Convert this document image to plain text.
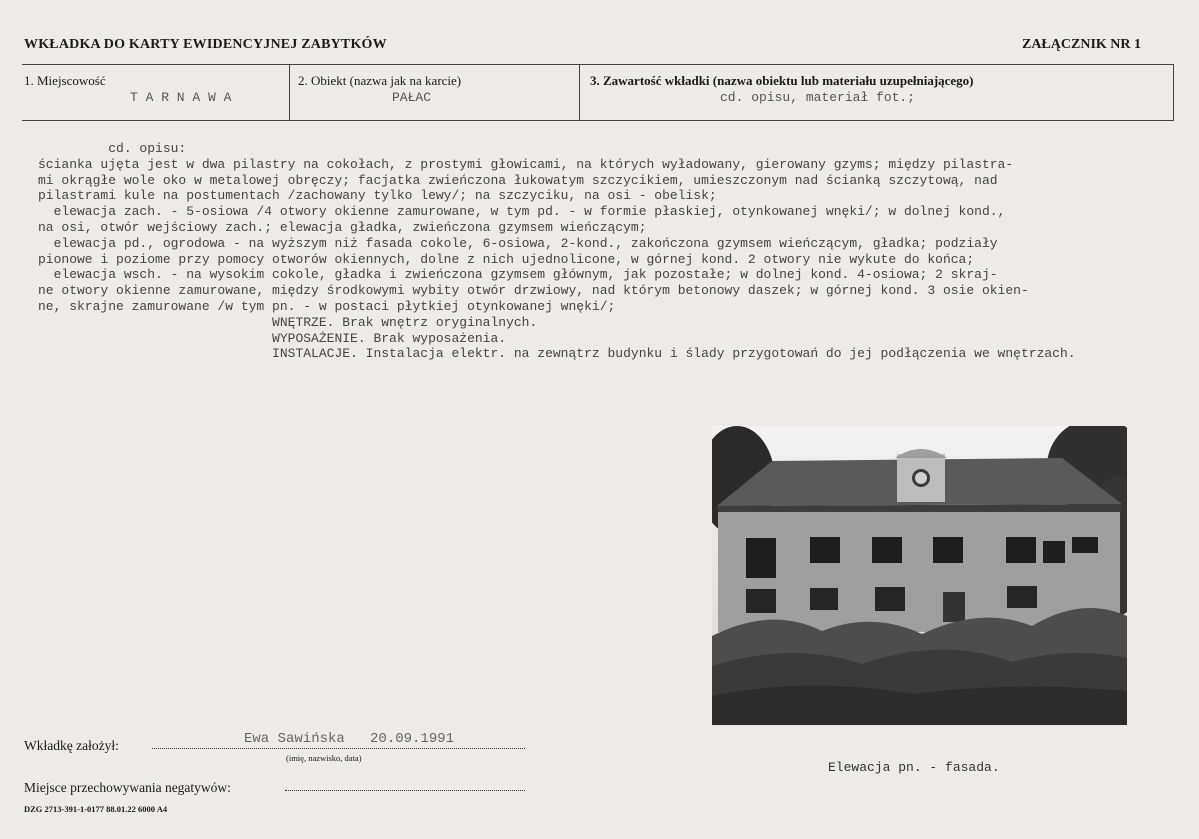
WKŁADKA DO KARTY EWIDENCYJNEJ ZABYTKÓW	ZAŁĄCZNIK NR 1
1. Miejscowość
T A R N A W A
2. Obiekt (nazwa jak na karcie)
PAŁAC
3. Zawartość wkładki (nazwa obiektu lub materiału uzupełniającego)
cd. opisu, materiał fot.;
cd. opisu:
ścianka ujęta jest w dwa pilastry na cokołach, z prostymi głowicami, na których wyładowany, gierowany gzyms; między pilastra-
mi okrągłe wole oko w metalowej obręczy; facjatka zwieńczona łukowatym szczycikiem, umieszczonym nad ścianką szczytową, nad
pilastrami kule na postumentach /zachowany tylko lewy/; na szczyciku, na osi - obelisk;
elewacja zach. - 5-osiowa /4 otwory okienne zamurowane, w tym pd. - w formie płaskiej, otynkowanej wnęki/; w dolnej kond.,
na osi, otwór wejściowy zach.; elewacja gładka, zwieńczona gzymsem wieńczącym;
elewacja pd., ogrodowa - na wyższym niż fasada cokole, 6-osiowa, 2-kond., zakończona gzymsem wieńczącym, gładka; podziały
pionowe i poziome przy pomocy otworów okiennych, dolne z nich ujednolicone, w górnej kond. 2 otwory nie wykute do końca;
elewacja wsch. - na wysokim cokole, gładka i zwieńczona gzymsem głównym, jak pozostałe; w dolnej kond. 4-osiowa; 2 skraj-
ne otwory okienne zamurowane, między środkowymi wybity otwór drzwiowy, nad którym betonowy daszek; w górnej kond. 3 osie okien-
ne, skrajne zamurowane /w tym pn. - w postaci płytkiej otynkowanej wnęki/;
WNĘTRZE. Brak wnętrz oryginalnych.
WYPOSAŻENIE. Brak wyposażenia.
INSTALACJE. Instalacja elektr. na zewnątrz budynku i ślady przygotowań do jej podłączenia we wnętrzach.
Elewacja pn. - fasada.
Wkładkę założył:	Ewa Sawińska   20.09.1991
(imię, nazwisko, data)
Miejsce przechowywania negatywów:
DZG 2713-391-1-0177 88.01.22 6000 A4
